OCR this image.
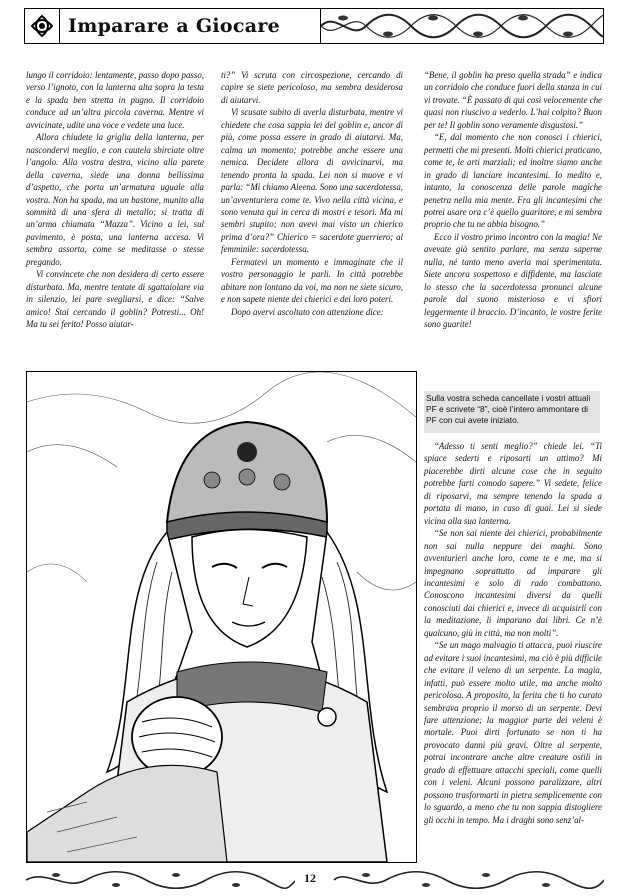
Imparare a Giocare

lungo il corridoio: lentamente, passo dopo passo, verso l’ignoto, con la lanterna alta sopra la testa e la spada ben stretta in pugno. Il corridoio conduce ad un’altra piccola caverna. Mentre vi avvicinate, udite una voce e vedete una luce.

Allora chiudete la griglia della lanterna, per nascondervi meglio, e con cautela sbirciate oltre l’angolo. Alla vostra destra, vicino alla parete della caverna, siede una donna bellissima d’aspetto, che porta un’armatura uguale alla vostra. Non ha spada, ma un bastone, munito alla sommità di una sfera di metallo; si tratta di un’arma chiamata “Mazza”. Vicino a lei, sul pavimento, è posta, una lanterna accesa. Vi sembra assorta, come se meditasse o stesse pregando.

Vi convincete che non desidera di certo essere disturbata. Ma, mentre tentate di sgattaiolare via in silenzio, lei pare svegliarsi, e dice: “Salve amico! Stai cercando il goblin? Potresti... Oh! Ma tu sei ferito! Posso aiutar-

ti?” Vi scruta con circospezione, cercando di capire se siete pericoloso, ma sembra desiderosa di aiutarvi.

Vi scusate subito di averla disturbata, mentre vi chiedete che cosa sappia lei del goblin e, ancor di più, come possa essere in grado di aiutarvi. Ma, calma un momento; potrebbe anche essere una nemica. Decidete allora di avvicinarvi, ma tenendo pronta la spada. Lei non si muove e vi parla: “Mi chiamo Aleena. Sono una sacerdotessa, un’avventuriera come te. Vivo nella città vicina, e sono venuta qui in cerca di mostri e tesori. Ma mi sembri stupito; non avevi mai visto un chierico prima d’ora?” Chierico = sacerdote guerriero; al femminile: sacerdotessa.

Fermatevi un momento e immaginate che il vostro personaggio le parli. In città potrebbe abitare non lontano da voi, ma non ne siete sicuro, e non sapete niente dei chierici e dei loro poteri.

Dopo avervi ascoltato con attenzione dice:

“Bene, il goblin ha preso quella strada” e indica un corridoio che conduce fuori della stanza in cui vi trovate. “È passato di qui così velocemente che quasi non riuscivo a vederlo. L’hai colpito? Buon per te! Il goblin sono veramente disgustosi.”

“E, dal momento che non conosci i chierici, permetti che mi presenti. Molti chierici praticano, come te, le arti marziali; ed inoltre siamo anche in grado di lanciare incantesimi. Io medito e, intanto, la conoscenza delle parole magiche penetra nella mia mente. Fra gli incantesimi che potrei usare ora c’è quello guaritore, e mi sembra proprio che tu ne abbia bisogno.”

Ecco il vostro primo incontro con la magia! Ne avevate già sentito parlare, ma senza saperne nulla, né tanto meno averla mai sperimentata. Siete ancora sospettoso e diffidente, ma lasciate lo stesso che la sacerdotessa pronunci alcune parole dal suono misterioso e vi sfiori leggermente il braccio. D’incanto, le vostre ferite sono guarite!

Sulla vostra scheda cancellate i vostri attuali PF e scrivete “8”, cioè l’intero ammontare di PF con cui avete iniziato.

“Adesso ti senti meglio?” chiede lei. “Ti spiace sederti e riposarti un attimo? Mi piacerebbe dirti alcune cose che in seguito potrebbe farti comodo sapere.” Vi sedete, felice di riposarvi, ma sempre tenendo la spada a portata di mano, in caso di guai. Lei si siede vicina alla sua lanterna.

“Se non sai niente dei chierici, probabilmente non sai nulla neppure dei maghi. Sono avventurieri anche loro, come te e me, ma si impegnano soprattutto ad imparare gli incantesimi e solo di rado combattono. Conoscono incantesimi diversi da quelli conosciuti dai chierici e, invece di acquisirli con la meditazione, li imparano dai libri. Ce n’è qualcuno, giù in città, ma non molti”.

“Se un mago malvagio ti attacca, puoi riuscire ad evitare i suoi incantesimi, ma ciò è più difficile che evitare il veleno di un serpente. La magia, infatti, può essere molto utile, ma anche molto pericolosa. A proposito, la ferita che ti ho curato sembrava proprio il morso di un serpente. Devi fare attenzione; la maggior parte dei veleni è mortale. Puoi dirti fortunato se non ti ha provocato danni più gravi. Oltre al serpente, potrai incontrare anche altre creature ostili in grado di effettuare attacchi speciali, come quelli con i veleni. Alcuni possono paralizzare, altri possono trasformarti in pietra semplicemente con lo sguardo, a meno che tu non sappia distogliere gli occhi in tempo. Ma i draghi sono senz’al-

12
